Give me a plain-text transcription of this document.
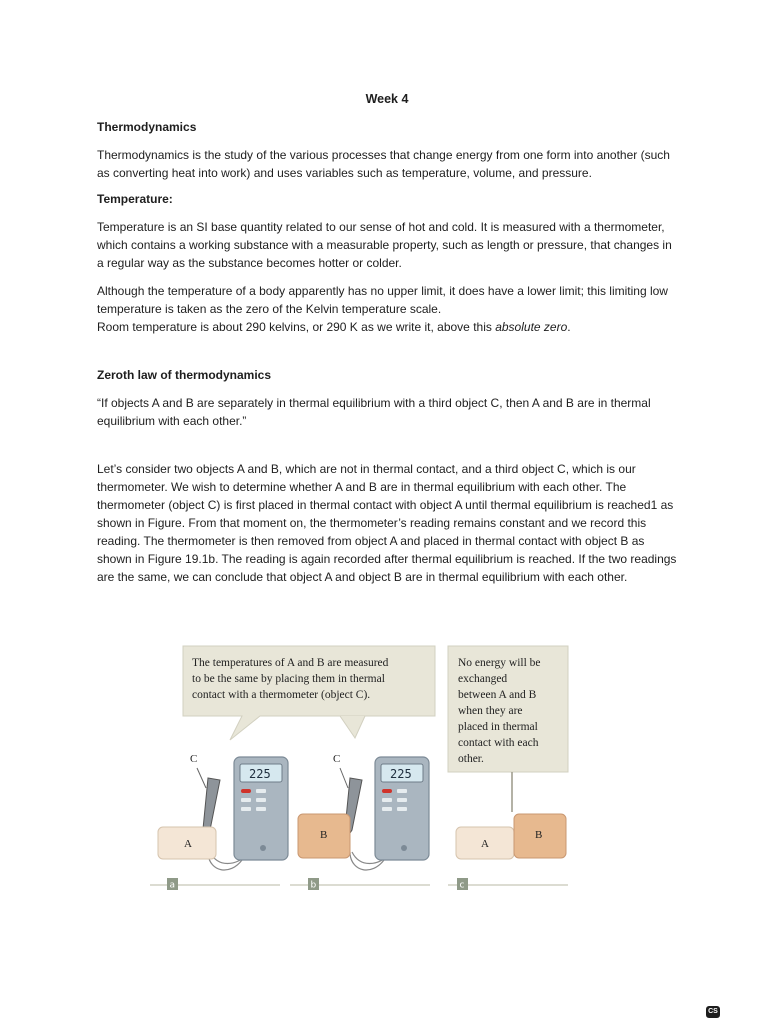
Week 4
Thermodynamics

Thermodynamics is the study of the various processes that change energy from one form into another (such as converting heat into work) and uses variables such as temperature, volume, and pressure.

Temperature:

Temperature is an SI base quantity related to our sense of hot and cold. It is measured with a thermometer, which contains a working substance with a measurable property, such as length or pressure, that changes in a regular way as the substance becomes hotter or colder.

Although the temperature of a body apparently has no upper limit, it does have a lower limit; this limiting low temperature is taken as the zero of the Kelvin temperature scale.
Room temperature is about 290 kelvins, or 290 K as we write it, above this absolute zero.

Zeroth law of thermodynamics

“If objects A and B are separately in thermal equilibrium with a third object C, then A and B are in thermal equilibrium with each other.”

Let’s consider two objects A and B, which are not in thermal contact, and a third object C, which is our thermometer. We wish to determine whether A and B are in thermal equilibrium with each other. The thermometer (object C) is first placed in thermal contact with object A until thermal equilibrium is reached1 as shown in Figure. From that moment on, the thermometer’s reading remains constant and we record this reading. The thermometer is then removed from object A and placed in thermal contact with object B as shown in Figure 19.1b. The reading is again recorded after thermal equilibrium is reached. If the two readings are the same, we can conclude that object A and object B are in thermal equilibrium with each other.

The temperatures of A and B are measured
to be the same by placing them in thermal
contact with a thermometer (object C).
No energy will be
exchanged
between A and B
when they are
placed in thermal
contact with each
other.
C
A
225
a
C
B
225
b
A
B
c
CS
